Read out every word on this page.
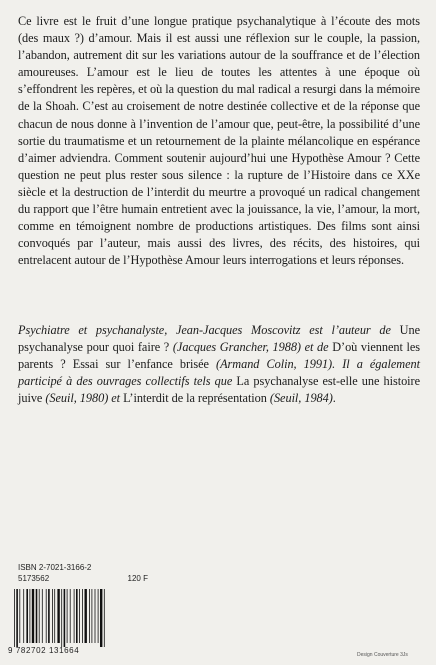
Ce livre est le fruit d’une longue pratique psychanalytique à l’écoute des mots (des maux ?) d’amour. Mais il est aussi une réflexion sur le couple, la passion, l’abandon, autrement dit sur les variations autour de la souffrance et de l’élection amoureuses. L’amour est le lieu de toutes les attentes à une époque où s’effondrent les repères, et où la question du mal radical a resurgi dans la mémoire de la Shoah. C’est au croisement de notre destinée collective et de la réponse que chacun de nous donne à l’invention de l’amour que, peut-être, la possibilité d’une sortie du traumatisme et un retournement de la plainte mélancolique en espérance d’aimer adviendra. Comment soutenir aujourd’hui une Hypothèse Amour ? Cette question ne peut plus rester sous silence : la rupture de l’Histoire dans ce XXe siècle et la destruction de l’interdit du meurtre a provoqué un radical changement du rapport que l’être humain entretient avec la jouissance, la vie, l’amour, la mort, comme en témoignent nombre de productions artistiques. Des films sont ainsi convoqués par l’auteur, mais aussi des livres, des récits, des histoires, qui entrelacent autour de l’Hypothèse Amour leurs interrogations et leurs réponses.

Psychiatre et psychanalyste, Jean-Jacques Moscovitz est l’auteur de Une psychanalyse pour quoi faire ? (Jacques Grancher, 1988) et de D’où viennent les parents ? Essai sur l’enfance brisée (Armand Colin, 1991). Il a également participé à des ouvrages collectifs tels que La psychanalyse est-elle une histoire juive (Seuil, 1980) et L’interdit de la représentation (Seuil, 1984).

ISBN 2-7021-3166-2
5173562	120 F
9 782702 131664	Design Couverture 3Js
